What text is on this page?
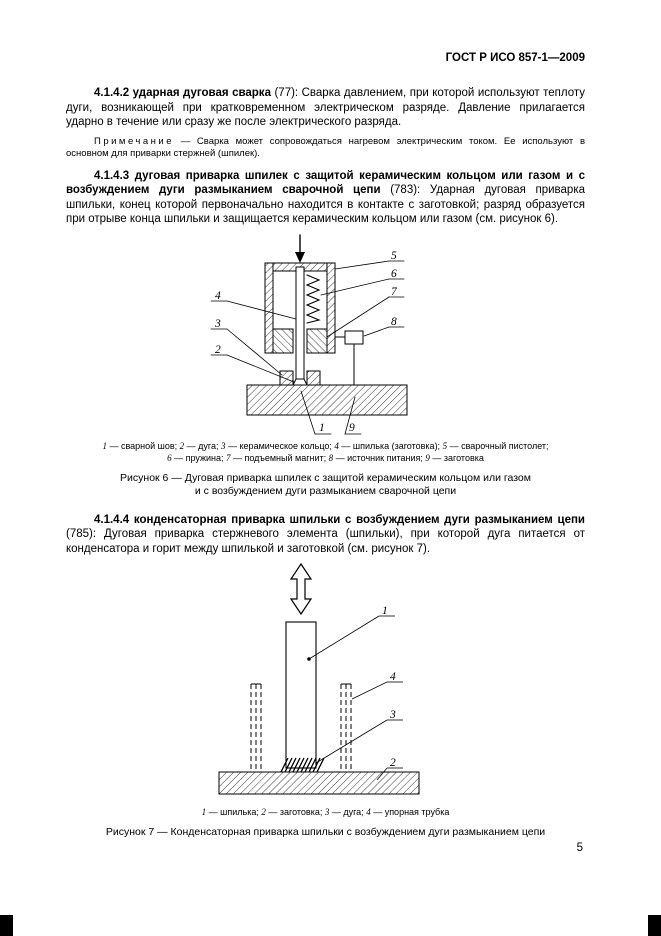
ГОСТ Р ИСО 857-1—2009

4.1.4.2 ударная дуговая сварка (77): Сварка давлением, при которой используют теплоту дуги, возникающей при кратковременном электрическом разряде. Давление прилагается ударно в течение или сразу же после электрического разряда.

Примечание — Сварка может сопровождаться нагревом электрическим током. Ее используют в основном для приварки стержней (шпилек).

4.1.4.3 дуговая приварка шпилек с защитой керамическим кольцом или газом и с возбуждением дуги размыканием сварочной цепи (783): Ударная дуговая приварка шпильки, конец которой первоначально находится в контакте с заготовкой; разряд образуется при отрыве конца шпильки и защищается керамическим кольцом или газом (см. рисунок 6).

5
6
7
8
4
3
2
1 9
1 — сварной шов; 2 — дуга; 3 — керамическое кольцо; 4 — шпилька (заготовка); 5 — сварочный пистолет;
6 — пружина; 7 — подъемный магнит; 8 — источник питания; 9 — заготовка
Рисунок 6 — Дуговая приварка шпилек с защитой керамическим кольцом или газом
и с возбуждением дуги размыканием сварочной цепи

4.1.4.4 конденсаторная приварка шпильки с возбуждением дуги размыканием цепи (785): Дуговая приварка стержневого элемента (шпильки), при которой дуга питается от конденсатора и горит между шпилькой и заготовкой (см. рисунок 7).

1
4
3
2
1 — шпилька; 2 — заготовка; 3 — дуга; 4 — упорная трубка
Рисунок 7 — Конденсаторная приварка шпильки с возбуждением дуги размыканием цепи
5
